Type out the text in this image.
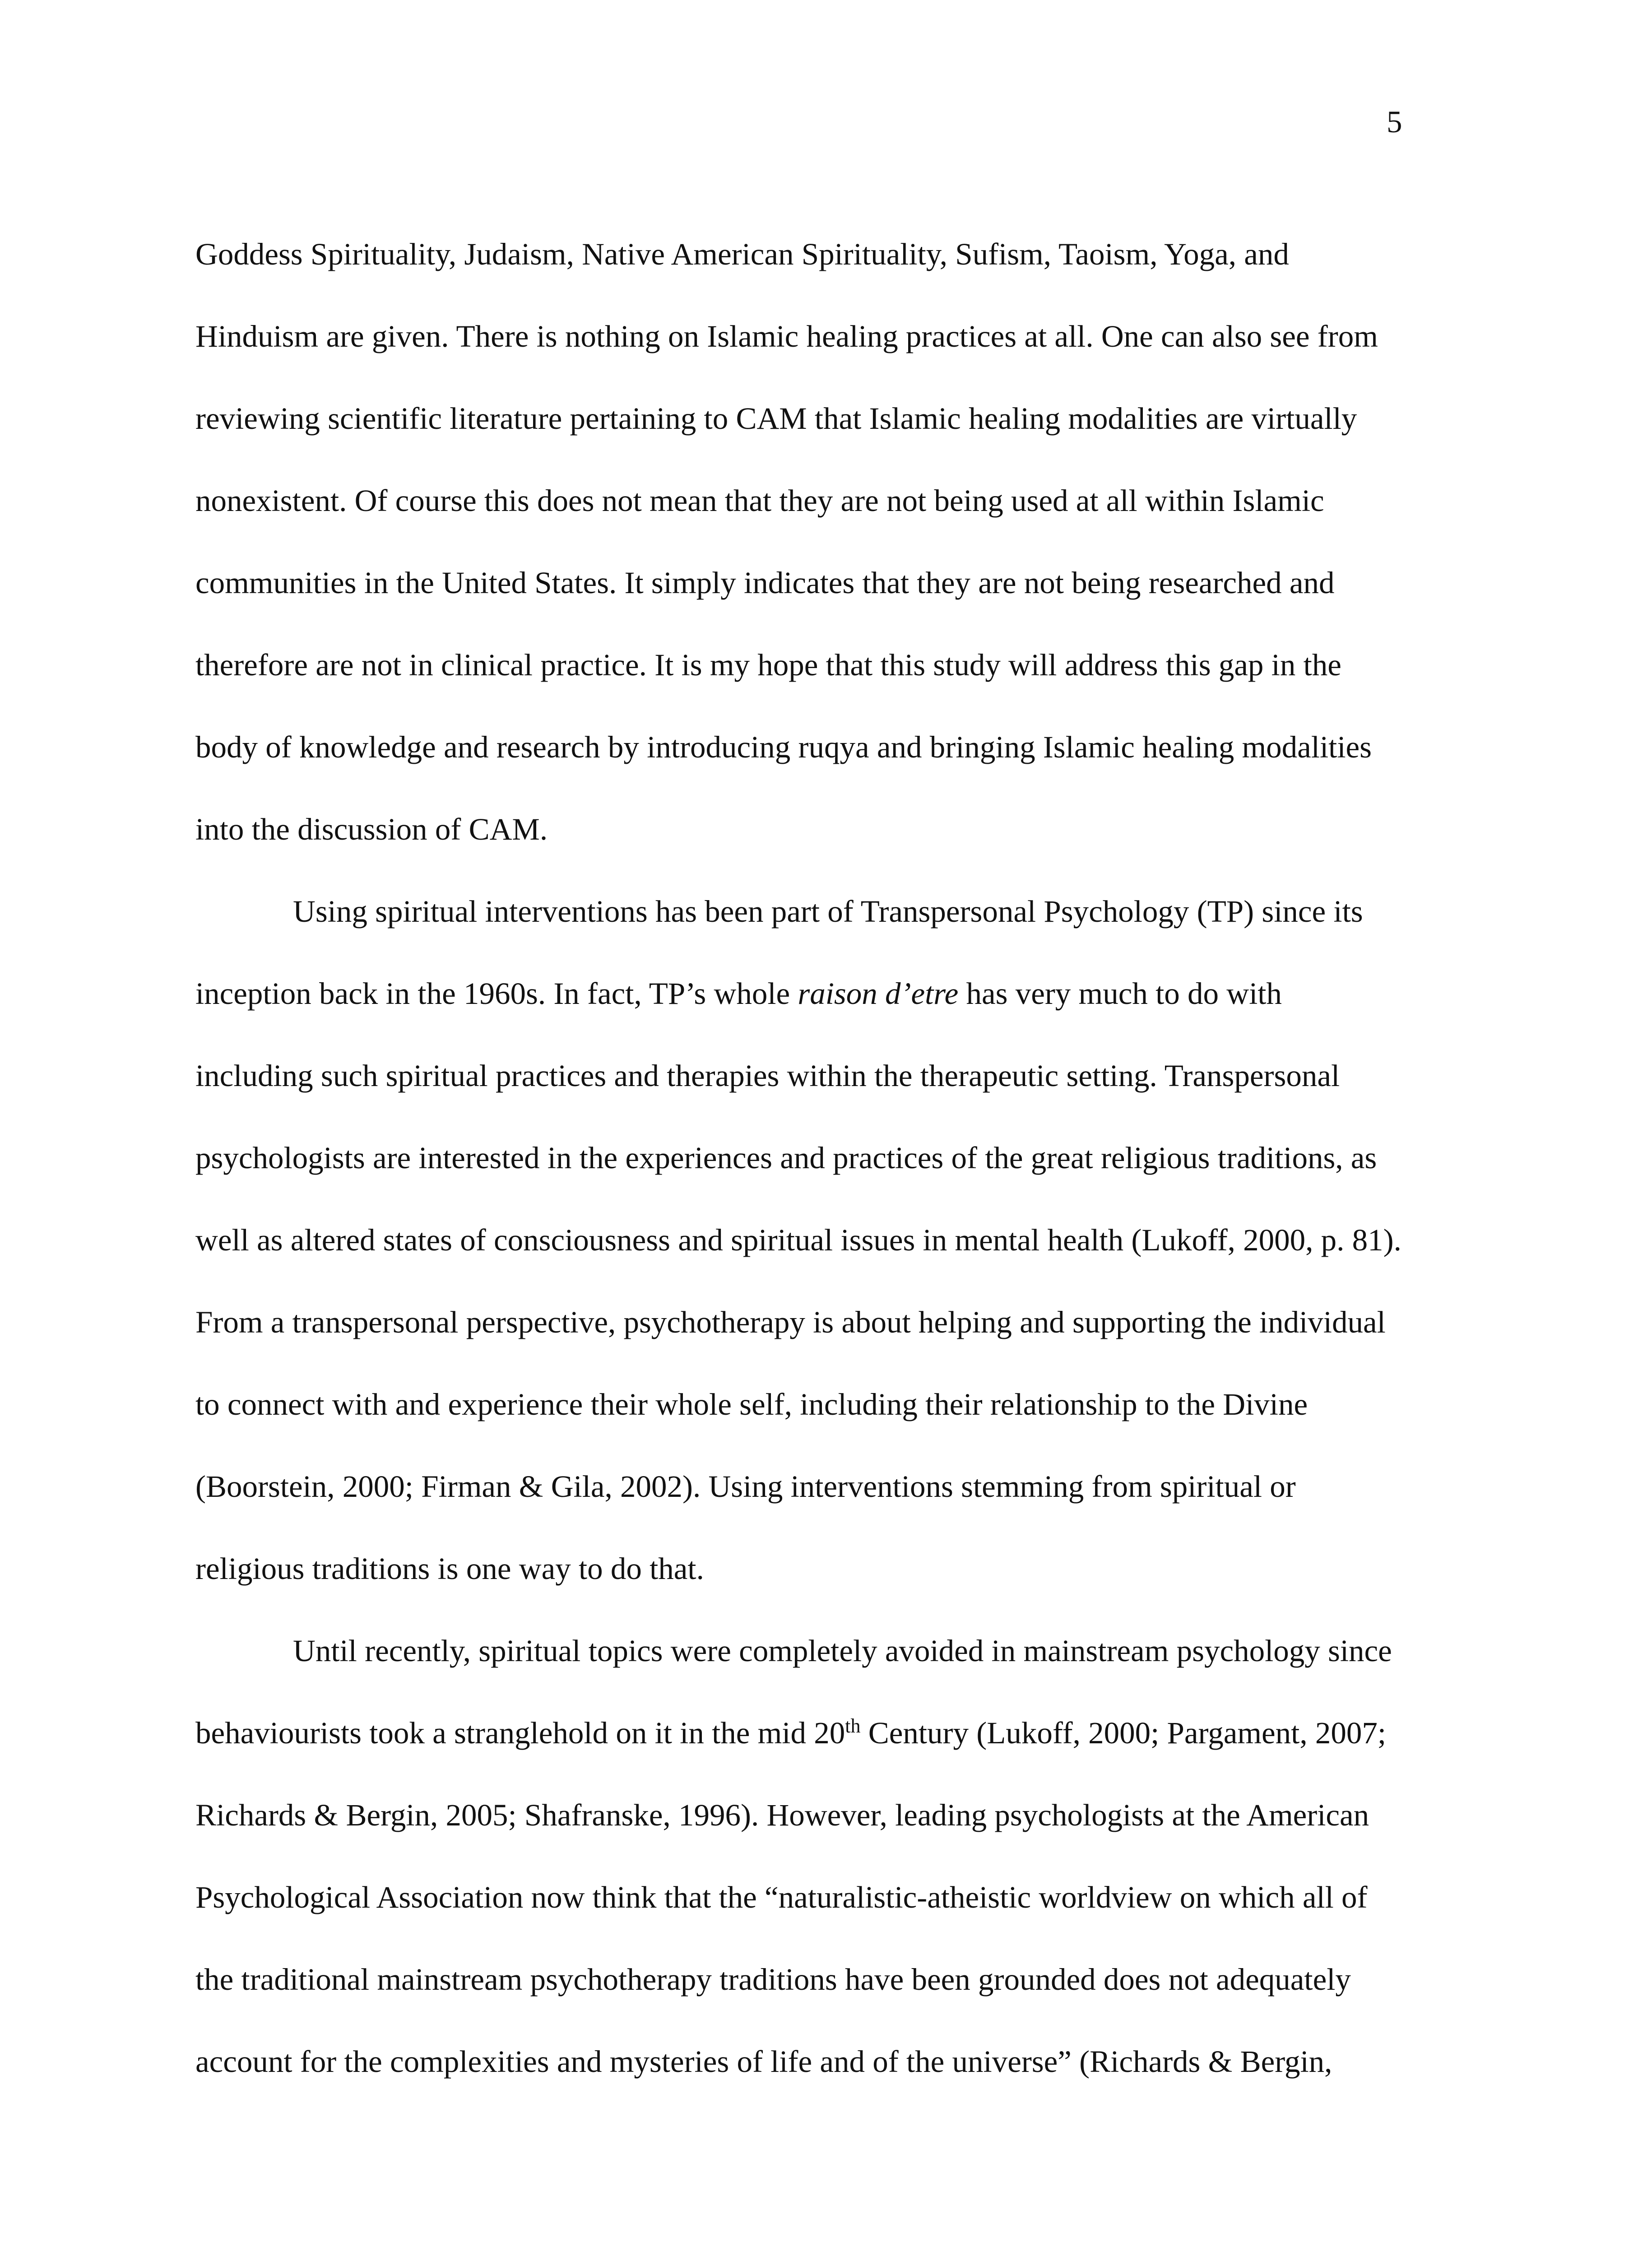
5
Goddess Spirituality, Judaism, Native American Spirituality, Sufism, Taoism, Yoga, and
Hinduism are given. There is nothing on Islamic healing practices at all. One can also see from
reviewing scientific literature pertaining to CAM that Islamic healing modalities are virtually
nonexistent. Of course this does not mean that they are not being used at all within Islamic
communities in the United States. It simply indicates that they are not being researched and
therefore are not in clinical practice. It is my hope that this study will address this gap in the
body of knowledge and research by introducing ruqya and bringing Islamic healing modalities
into the discussion of CAM.
Using spiritual interventions has been part of Transpersonal Psychology (TP) since its
inception back in the 1960s. In fact, TP’s whole raison d’etre has very much to do with
including such spiritual practices and therapies within the therapeutic setting. Transpersonal
psychologists are interested in the experiences and practices of the great religious traditions, as
well as altered states of consciousness and spiritual issues in mental health (Lukoff, 2000, p. 81).
From a transpersonal perspective, psychotherapy is about helping and supporting the individual
to connect with and experience their whole self, including their relationship to the Divine
(Boorstein, 2000; Firman & Gila, 2002). Using interventions stemming from spiritual or
religious traditions is one way to do that.
Until recently, spiritual topics were completely avoided in mainstream psychology since
behaviourists took a stranglehold on it in the mid 20th Century (Lukoff, 2000; Pargament, 2007;
Richards & Bergin, 2005; Shafranske, 1996). However, leading psychologists at the American
Psychological Association now think that the “naturalistic-atheistic worldview on which all of
the traditional mainstream psychotherapy traditions have been grounded does not adequately
account for the complexities and mysteries of life and of the universe” (Richards & Bergin,
